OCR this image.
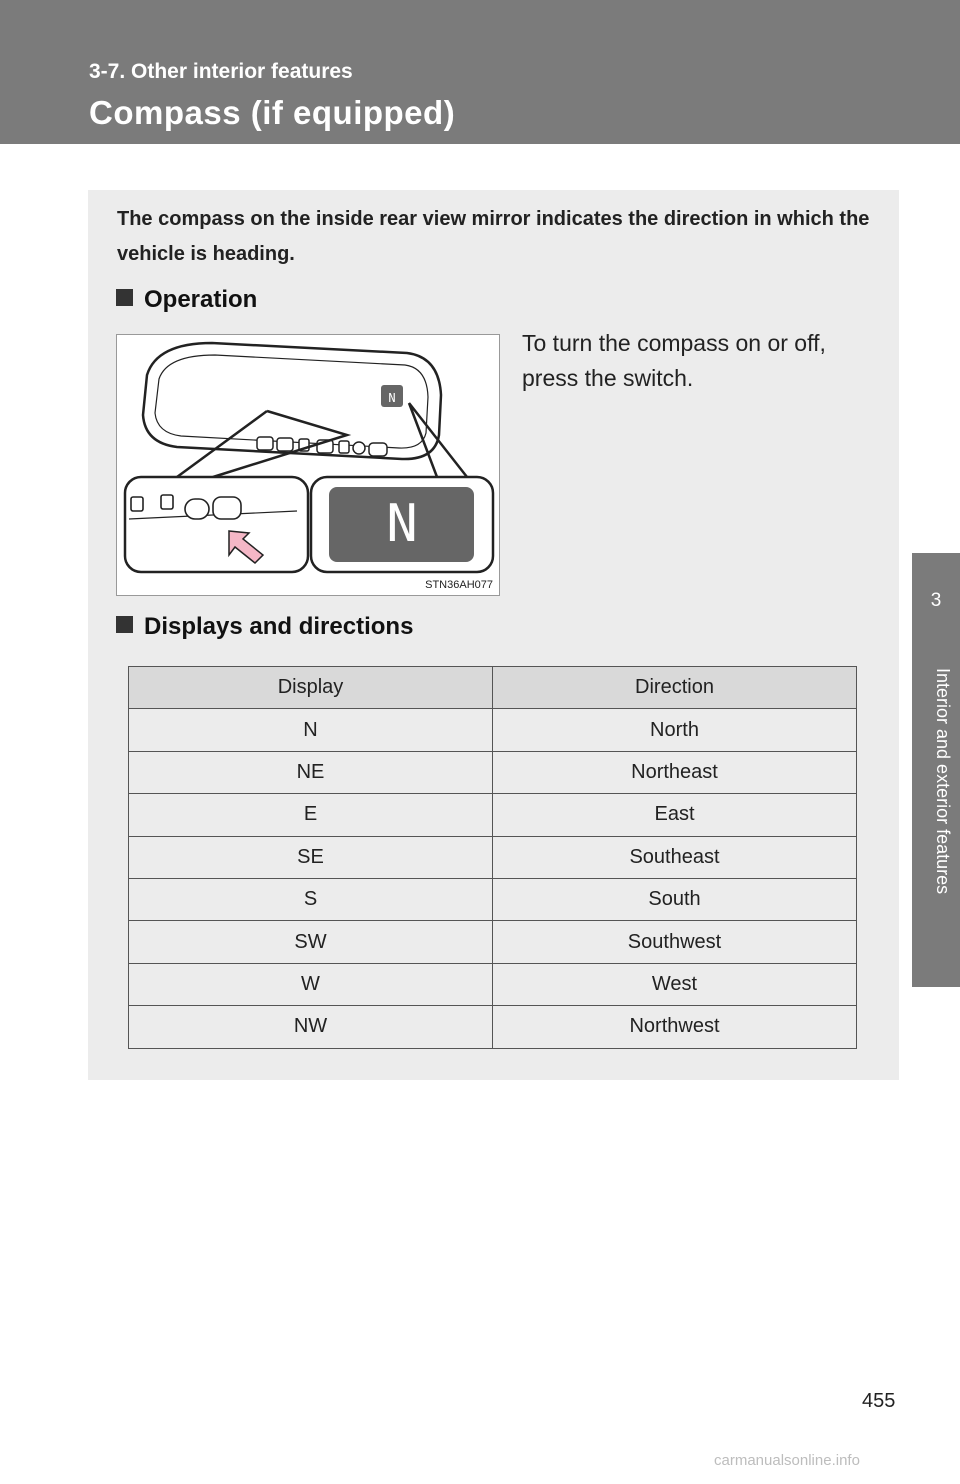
3-7. Other interior features
Compass (if equipped)
3
Interior and exterior features

The compass on the inside rear view mirror indicates the direction in which the vehicle is heading.

Operation
N
N
STN36AH077

To turn the compass on or off, press the switch.

Displays and directions
Display	Direction
N	North
NE	Northeast
E	East
SE	Southeast
S	South
SW	Southwest
W	West
NW	Northwest
455
carmanualsonline.info
